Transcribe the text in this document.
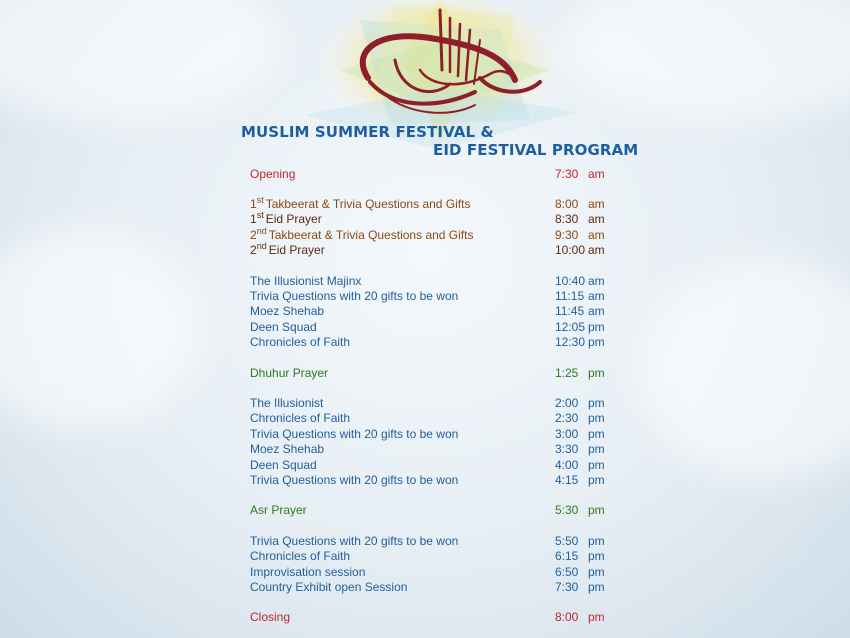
MUSLIM SUMMER FESTIVAL &
EID FESTIVAL PROGRAM
Opening	7:30 am
1st Takbeerat & Trivia Questions and Gifts	8:00 am
1st Eid Prayer	8:30 am
2nd Takbeerat & Trivia Questions and Gifts	9:30 am
2nd Eid Prayer	10:00 am
The Illusionist Majinx	10:40 am
Trivia Questions with 20 gifts to be won	11:15 am
Moez Shehab	11:45 am
Deen Squad	12:05 pm
Chronicles of Faith	12:30 pm
Dhuhur Prayer	1:25 pm
The Illusionist	2:00 pm
Chronicles of Faith	2:30 pm
Trivia Questions with 20 gifts to be won	3:00 pm
Moez Shehab	3:30 pm
Deen Squad	4:00 pm
Trivia Questions with 20 gifts to be won	4:15 pm
Asr Prayer	5:30 pm
Trivia Questions with 20 gifts to be won	5:50 pm
Chronicles of Faith	6:15 pm
Improvisation session	6:50 pm
Country Exhibit open Session	7:30 pm
Closing	8:00 pm
